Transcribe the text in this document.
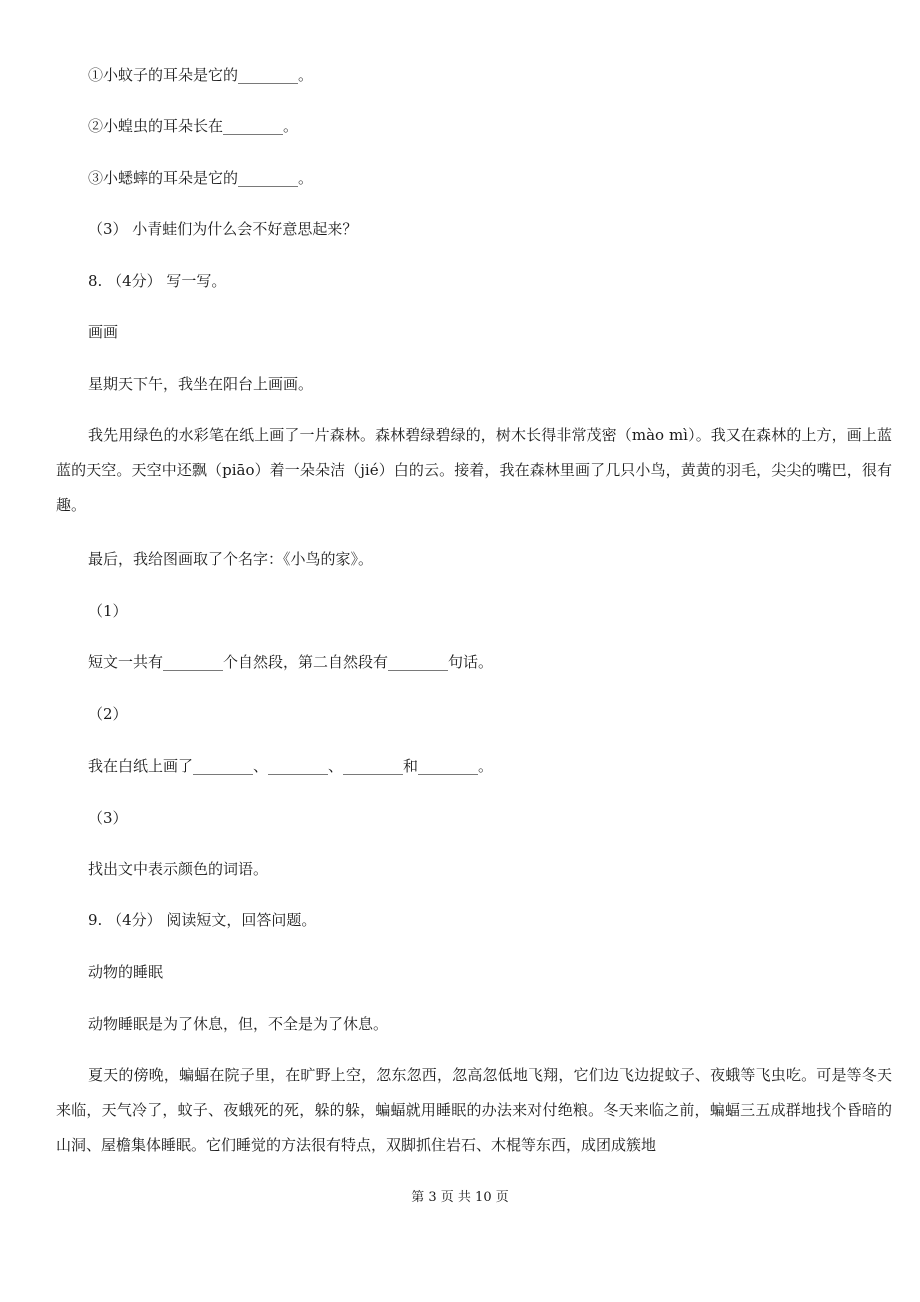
①小蚊子的耳朵是它的________。
②小蝗虫的耳朵长在________。
③小蟋蟀的耳朵是它的________。
（3） 小青蛙们为什么会不好意思起来？
8. （4分） 写一写。
画画
星期天下午，我坐在阳台上画画。
我先用绿色的水彩笔在纸上画了一片森林。森林碧绿碧绿的，树木长得非常茂密（mào mì）。我又在森林的上方，画上蓝蓝的天空。天空中还飘（piāo）着一朵朵洁（jié）白的云。接着，我在森林里画了几只小鸟，黄黄的羽毛，尖尖的嘴巴，很有趣。
最后，我给图画取了个名字：《小鸟的家》。
（1）
短文一共有________个自然段，第二自然段有________句话。
（2）
我在白纸上画了________、________、________和________。
（3）
找出文中表示颜色的词语。
9. （4分） 阅读短文，回答问题。
动物的睡眠
动物睡眠是为了休息，但，不全是为了休息。
夏天的傍晚，蝙蝠在院子里，在旷野上空，忽东忽西，忽高忽低地飞翔，它们边飞边捉蚊子、夜蛾等飞虫吃。可是等冬天来临，天气冷了，蚊子、夜蛾死的死，躲的躲，蝙蝠就用睡眠的办法来对付绝粮。冬天来临之前，蝙蝠三五成群地找个昏暗的山洞、屋檐集体睡眠。它们睡觉的方法很有特点，双脚抓住岩石、木棍等东西，成团成簇地
第 3 页 共 10 页
